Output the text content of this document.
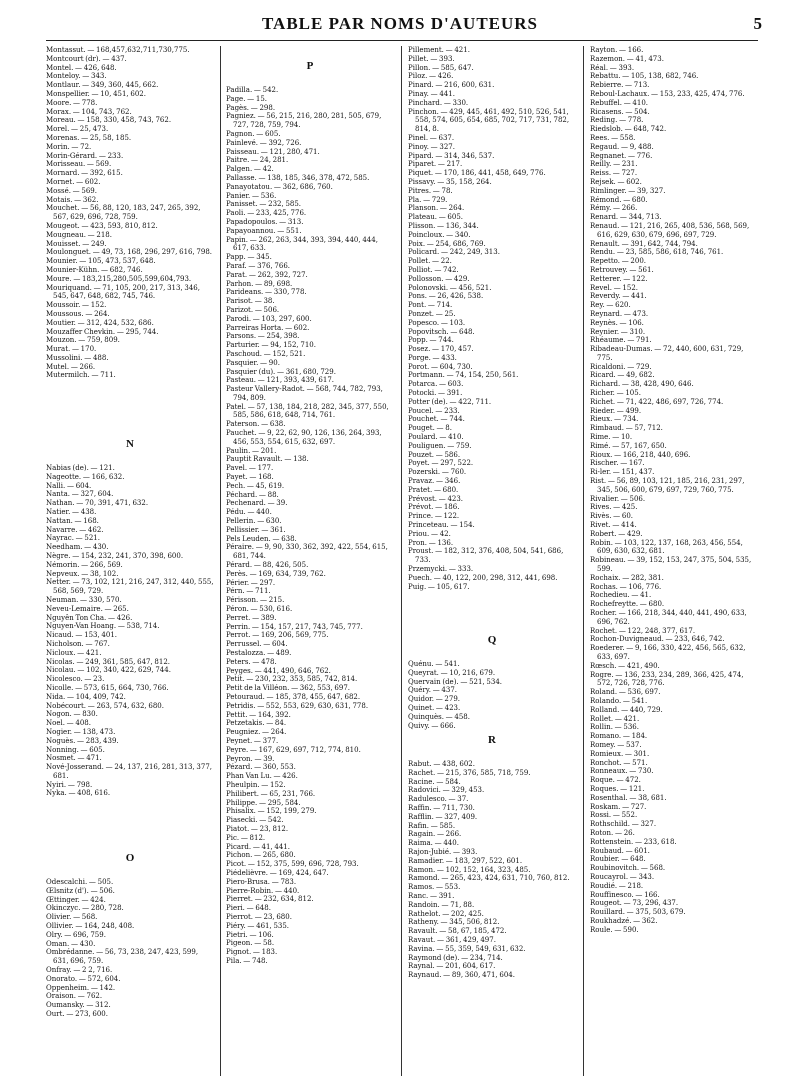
TABLE PAR NOMS D'AUTEURS	5

Montassut. — 168,457,632,711,730,775.

Montcourt (dr). — 437.

Montel. — 426, 648.

Monteloy. — 343.

Montlaur. — 349, 360, 445, 662.

Monspellier. — 10, 451, 602.

Moore. — 778.

Morax. — 104, 743, 762.

Moreau. — 158, 330, 458, 743, 762.

Morel. — 25, 473.

Morenas. — 25, 58, 185.

Morin. — 72.

Morin-Gérard. — 233.

Morisseau. — 569.

Mornard. — 392, 615.

Mornet. — 602.

Mossé. — 569.

Motais. — 362.

Mouchet. — 56, 88, 120, 183, 247, 265, 392, 567, 629, 696, 728, 759.

Mougeot. — 423, 593, 810, 812.

Mougneau. — 218.

Mouisset. — 249.

Moulonguet. — 49, 73, 168, 296, 297, 616, 798.

Mounier. — 105, 473, 537, 648.

Mounier-Kühn. — 682, 746.

Moure. — 183,215,280,505,599,604,793.

Mouriquand. — 71, 105, 200, 217, 313, 346, 545, 647, 648, 682, 745, 746.

Moussoir. — 152.

Moussous. — 264.

Moutier. — 312, 424, 532, 686.

Mouzaffer Chevkin. — 295, 744.

Mouzon. — 759, 809.

Murat. — 170.

Mussolini. — 488.

Mutel. — 266.

Mutermilch. — 711.

N

Nabias (de). — 121.

Nageotte. — 166, 632.

Nalli. — 604.

Nanta. — 327, 604.

Nathan. — 70, 391, 471, 632.

Natier. — 438.

Nattan. — 168.

Navarre. — 462.

Nayrac. — 521.

Needham. — 430.

Nègre. — 154, 232, 241, 370, 398, 600.

Némorin. — 266, 569.

Nepveux. — 38, 102.

Netter. — 73, 102, 121, 216, 247, 312, 440, 555, 568, 569, 729.

Neuman. — 330, 570.

Neveu-Lemaire. — 265.

Nguyên Ton Cha. — 426.

Nguyen-Van Hoang. — 538, 714.

Nicaud. — 153, 401.

Nicholson. — 767.

Nicloux. — 421.

Nicolas. — 249, 361, 585, 647, 812.

Nicolau. — 102, 340, 422, 629, 744.

Nicolesco. — 23.

Nicolle. — 573, 615, 664, 730, 766.

Nida. — 104, 409, 742.

Nobécourt. — 263, 574, 632, 680.

Nogon. — 830.

Noel. — 408.

Nogier. — 138, 473.

Noguès. — 283, 439.

Nonning. — 605.

Nosmet. — 471.

Nové-Josserand. — 24, 137, 216, 281, 313, 377, 681.

Nyiri. — 798.

Nyka. — 408, 616.

O

Odescalchi. — 505.

Œlsnitz (d'). — 506.

Œttinger. — 424.

Okinczyc. — 280, 728.

Olivier. — 568.

Ollivier. — 164, 248, 408.

Olry. — 696, 759.

Oman. — 430.

Ombrédanne. — 56, 73, 238, 247, 423, 599, 631, 696, 759.

Onfray. — 2 2, 716.

Onorato. — 572, 604.

Oppenheim. — 142.

Oraison. — 762.

Oumansky. — 312.

Ourt. — 273, 600.

P

Padilla. — 542.

Page. — 15.

Pagès. — 298.

Pagniez. — 56, 215, 216, 280, 281, 505, 679, 727, 728, 759, 794.

Pagnon. — 605.

Painlevé. — 392, 726.

Paisseau. — 121, 280, 471.

Paitre. — 24, 281.

Palgen. — 42.

Pallasse. — 138, 185, 346, 378, 472, 585.

Panayotatou. — 362, 686, 760.

Panier. — 536.

Panisset. — 232, 585.

Paoli. — 233, 425, 776.

Papadopoulos. — 313.

Papayoannou. — 551.

Papin. — 262, 263, 344, 393, 394, 440, 444, 617, 633.

Papp. — 345.

Paraf. — 376, 766.

Parat. — 262, 392, 727.

Parhon. — 89, 698.

Parideans. — 330, 778.

Parisot. — 38.

Parizot. — 506.

Parodi. — 103, 297, 600.

Parreiras Horta. — 602.

Parsons. — 254, 398.

Parturier. — 94, 152, 710.

Paschoud. — 152, 521.

Pasquier. — 90.

Pasquier (du). — 361, 680, 729.

Pasteau. — 121, 393, 439, 617.

Pasteur Vallery-Radot. — 568, 744, 782, 793, 794, 809.

Patel. — 57, 138, 184, 218, 282, 345, 377, 550, 585, 586, 618, 648, 714, 761.

Paterson. — 638.

Pauchet. — 9, 22, 62, 90, 126, 136, 264, 393, 456, 553, 554, 615, 632, 697.

Paulin. — 201.

Pauptit Ravault. — 138.

Pavel. — 177.

Payet. — 168.

Pech. — 45, 619.

Péchard. — 88.

Pechenard. — 39.

Pédu. — 440.

Pellerin. — 630.

Pellissier. — 361.

Pels Leuden. — 638.

Péraire. — 9, 90, 330, 362, 392, 422, 554, 615, 681, 744.

Pérard. — 88, 426, 505.

Perès. — 169, 634, 739, 762.

Périer. — 297.

Pérn. — 711.

Périsson. — 215.

Péron. — 530, 616.

Perret. — 389.

Perrin. — 154, 157, 217, 743, 745, 777.

Perrot. — 169, 206, 569, 775.

Perrussel. — 604.

Pestalozza. — 489.

Peters. — 478.

Peyges. — 441, 490, 646, 762.

Petit. — 230, 232, 353, 585, 742, 814.

Petit de la Villéon. — 362, 553, 697.

Petouraud. — 185, 378, 455, 647, 682.

Petridis. — 552, 553, 629, 630, 631, 778.

Pettit. — 164, 392.

Petzetakis. — 84.

Peugniez. — 264.

Peynet. — 377.

Peyre. — 167, 629, 697, 712, 774, 810.

Peyron. — 39.

Pézard. — 360, 553.

Phan Van Lu. — 426.

Pheulpin. — 152.

Philibert. — 65, 231, 766.

Philippe. — 295, 584.

Phisalix. — 152, 199, 279.

Piasecki. — 542.

Piatot. — 23, 812.

Pic. — 812.

Picard. — 41, 441.

Pichon. — 265, 680.

Picot. — 152, 375, 599, 696, 728, 793.

Piédelièvre. — 169, 424, 647.

Piero-Brusa. — 783.

Pierre-Robin. — 440.

Pierret. — 232, 634, 812.

Pieri. — 648.

Pierrot. — 23, 680.

Piéry. — 461, 535.

Pietri. — 106.

Pigeon. — 58.

Pignot. — 183.

Pila. — 748.

Pillement. — 421.

Pillet. — 393.

Pillon. — 585, 647.

Piloz. — 426.

Pinard. — 216, 600, 631.

Pinay. — 441.

Pinchard. — 330.

Pinchon. — 429, 445, 461, 492, 510, 526, 541, 558, 574, 605, 654, 685, 702, 717, 731, 782, 814, 8.

Pinel. — 637.

Pinoy. — 327.

Pipard. — 314, 346, 537.

Piparet. — 217.

Piquet. — 170, 186, 441, 458, 649, 776.

Pissavy. — 35, 158, 264.

Pitres. — 78.

Pla. — 729.

Planson. — 264.

Plateau. — 605.

Plisson. — 136, 344.

Poincloux. — 340.

Poix. — 254, 686, 769.

Policard. — 242, 249, 313.

Pollet. — 22.

Polliot. — 742.

Pollosson. — 429.

Polonovski. — 456, 521.

Pons. — 26, 426, 538.

Pont. — 714.

Ponzet. — 25.

Popesco. — 103.

Popovitsch. — 648.

Popp. — 744.

Posez. — 170, 457.

Porge. — 433.

Porot. — 604, 730.

Portmann. — 74, 154, 250, 561.

Potarca. — 603.

Potocki. — 391.

Potter (de). — 422, 711.

Poucel. — 233.

Pouchet. — 744.

Pouget. — 8.

Poulard. — 410.

Pouliguen. — 759.

Pouzet. — 586.

Poyet. — 297, 522.

Pozerski. — 760.

Pravaz. — 346.

Pratet. — 680.

Prévost. — 423.

Prévot. — 186.

Prince. — 122.

Princeteau. — 154.

Priou. — 42.

Pron. — 136.

Proust. — 182, 312, 376, 408, 504, 541, 686, 733.

Przemycki. — 333.

Puech. — 40, 122, 200, 298, 312, 441, 698.

Puig. — 105, 617.

Q

Quénu. — 541.

Queyrat. — 10, 216, 679.

Quervain (de). — 521, 534.

Quéry. — 437.

Quidor. — 279.

Quinet. — 423.

Quinquès. — 458.

Quivy. — 666.

R

Rabut. — 438, 602.

Rachet. — 215, 376, 585, 718, 759.

Racine. — 584.

Radovici. — 329, 453.

Radulesco. — 37.

Raffin. — 711, 730.

Rafflin. — 327, 409.

Rafin. — 585.

Ragain. — 266.

Raima. — 440.

Rajon-Jubié. — 393.

Ramadier. — 183, 297, 522, 601.

Ramon. — 102, 152, 164, 323, 485.

Ramond. — 265, 423, 424, 631, 710, 760, 812.

Ramos. — 553.

Ranc. — 391.

Randoin. — 71, 88.

Rathelot. — 202, 425.

Ratheny. — 345, 506, 812.

Ravault. — 58, 67, 185, 472.

Ravaut. — 361, 429, 497.

Ravina. — 55, 359, 549, 631, 632.

Raymond (de). — 234, 714.

Raynal. — 201, 604, 617.

Raynaud. — 89, 360, 471, 604.

Rayton. — 166.

Razemon. — 41, 473.

Réal. — 393.

Rebattu. — 105, 138, 682, 746.

Rebierre. — 713.

Reboul-Lachaux. — 153, 233, 425, 474, 776.

Rebuffel. — 410.

Ricasens. — 504.

Reding. — 778.

Riedslob. — 648, 742.

Rees. — 558.

Regaud. — 9, 488.

Regnanet. — 776.

Reilly. — 231.

Reiss. — 727.

Rejsek. — 602.

Rimlinger. — 39, 327.

Rémond. — 680.

Rémy. — 266.

Renard. — 344, 713.

Renaud. — 121, 216, 265, 408, 536, 568, 569, 616, 629, 630, 679, 696, 697, 729.

Renault. — 391, 642, 744, 794.

Rendu. — 23, 585, 586, 618, 746, 761.

Repetto. — 200.

Retrouvey. — 561.

Retterer. — 122.

Revel. — 152.

Reverdy. — 441.

Rey. — 620.

Reynard. — 473.

Reynès. — 106.

Reynier. — 310.

Rhéaume. — 791.

Ribadeau-Dumas. — 72, 440, 600, 631, 729, 775.

Ricaldoni. — 729.

Ricard. — 49, 682.

Richard. — 38, 428, 490, 646.

Richer. — 105.

Richet. — 71, 422, 486, 697, 726, 774.

Rieder. — 499.

Rieux. — 734.

Rimbaud. — 57, 712.

Rime. — 10.

Rimé. — 57, 167, 650.

Rioux. — 166, 218, 440, 696.

Rischer. — 167.

Ri-ler. — 151, 437.

Rist. — 56, 89, 103, 121, 185, 216, 231, 297, 345, 506, 600, 679, 697, 729, 760, 775.

Rivalier. — 506.

Rives. — 425.

Rivès. — 60.

Rivet. — 414.

Robert. — 429.

Robin. — 103, 122, 137, 168, 263, 456, 554, 609, 630, 632, 681.

Robineau. — 39, 152, 153, 247, 375, 504, 535, 599.

Rochaix. — 282, 381.

Rochas. — 106, 776.

Rochedieu. — 41.

Rochefreytte. — 680.

Rocher. — 166, 218, 344, 440, 441, 490, 633, 696, 762.

Rochet. — 122, 248, 377, 617.

Rochon-Duvigneaud. — 233, 646, 742.

Roederer. — 9, 166, 330, 422, 456, 565, 632, 633, 697.

Rœsch. — 421, 490.

Rogre. — 136, 233, 234, 289, 366, 425, 474, 572, 726, 728, 776.

Roland. — 536, 697.

Rolando. — 541.

Rolland. — 440, 729.

Rollet. — 421.

Rollin. — 536.

Romano. — 184.

Romey. — 537.

Romieux. — 301.

Ronchot. — 571.

Ronneaux. — 730.

Roque. — 472.

Roques. — 121.

Rosenthal. — 38, 681.

Roskam. — 727.

Rossi. — 552.

Rothschild. — 327.

Roton. — 26.

Rottenstein. — 233, 618.

Roubaud. — 601.

Roubier. — 648.

Roubinovitch. — 568.

Roucayrol. — 343.

Roudié. — 218.

Rouffinesco. — 166.

Rougeot. — 73, 296, 437.

Rouillard. — 375, 503, 679.

Roukhadzé. — 362.

Roule. — 590.
